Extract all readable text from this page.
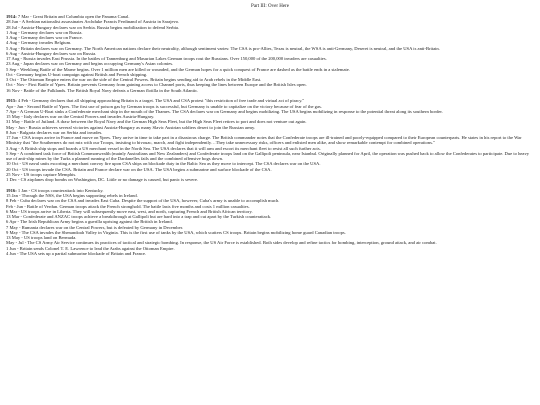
Part III: Over Here
1914: 7 Mar - Great Britain and Columbia open the Panama Canal.
28 Jun - A Serbian nationalist assassinates Archduke Francis Ferdinand of Austria in Sarajevo.
28 Jul - Austria-Hungary declares war on Serbia. Russia begins mobilization to defend Serbia.
1 Aug - Germany declares war on Russia.
3 Aug - Germany declares war on France.
4 Aug - Germany invades Belgium.
5 Aug - Britain declares war on Germany. The North American nations declare their neutrality, although sentiment varies: The CSA is pro-Allies, Texas is neutral, the WSA is anti-Germany, Deseret is neutral, and the USA is anti-Britain.
6 Aug - Austria-Hungary declares war on Russia.
17 Aug - Russia invades East Prussia. In the battles of Tannenburg and Masurian Lakes German troops rout the Russians. Over 150,000 of the 200,000 invaders are casualties.
23 Aug - Japan declares war on Germany and begins occupying Germany's Asian colonies.
5 Sep - Weeklong Battle of the Marne begins. Over 1 million men are killed or wounded, and the German hopes for a quick conquest of France are dashed as the battle ends in a stalemate.
Oct - Germany begins U-boat campaign against British and French shipping.
3 Oct - The Ottoman Empire enters the war on the side of the Central Powers. Britain begins sending aid to Arab rebels in the Middle East.
Oct - Nov - First Battle of Ypres. Britain prevents Germany from gaining access to Channel ports, thus keeping the lines between Europe and the British Isles open.
16 Nov - Battle of the Falklands. The British Royal Navy defeats a German flotilla in the South Atlantic.
1915: 4 Feb - Germany declares that all shipping approaching Britain is a target. The USA and CSA protest "this restriction of free trade and virtual act of piracy."
Apr - Jun - Second Battle of Ypres. The first use of poison gas by German troops is successful, but Germany is unable to capitalize on the victory because of fear of the gas.
7 Apr - A German U-Boat sinks a Confederate merchant ship in the mouth of the Thames. The CSA declares war on Germany and begins mobilizing. The USA begins mobilizing in response to the potential threat along its southern border.
15 May - Italy declares war on the Central Powers and invades Austria-Hungary.
31 May - Battle of Jutland. A draw between the Royal Navy and the German High Seas Fleet, but the High Seas Fleet retires to port and does not venture out again.
May - Jun - Russia achieves several victories against Austria-Hungary as many Slavic Austrian soldiers desert to join the Russian army.
8 Jun - Bulgaria declares war on Serbia and invades.
17 Jun - CSA troops arrive in France and move on Ypres. They arrive in time to take part in a disastrous charge. The British commander notes that the Confederate troops are ill-trained and poorly-equipped compared to their European counterparts. He states in his report to the War Ministry that "the Southerners do not mix with our Troops, insisting to bivouac, march, and fight independently…They take unnecessary risks, officers and enlisted men alike, and show remarkable contempt for combined operations."
3 Aug - A British ship stops and boards a US merchant vessel in the North Sea. The USA declares that it will arm and escort its merchant fleet to resist all such further acts.
5 Sep - A combined task force of British Commonwealth (mainly Australians and New Zealanders) and Confederate troops land on the Gallipoli peninsula, near Istanbul. Originally planned for April, the operation was pushed back to allow the Confederates to participate. Due to heavy use of anti-ship mines by the Turks a planned running of the Dardanelles fails and the combined offensive bogs down.
10 Oct - US naval units escorting a merchant convoy fire upon CSA ships on blockade duty in the Baltic Sea as they move to intercept. The CSA declares war on the USA.
20 Oct - US troops invade the CSA. Britain and France declare war on the USA. The USA begins a submarine and surface blockade of the CSA.
25 Nov - US troops capture Memphis.
1 Dec - CS airplanes drop bombs on Washington, DC. Little or no damage is caused, but panic is severe.
1916: 1 Jan - CS troops counterattack into Kentucky.
15 Jan - Through the NSS, the USA begins supporting rebels in Ireland.
8 Feb - Cuba declares war on the CSA and invades East Cuba. Despite the support of the USA, however, Cuba's army is unable to accomplish much.
Feb - Jun - Battle of Verdun. German troops attack the French stronghold. The battle lasts five months and costs 1 million casualties.
6 Mar - US troops arrive in Liberia. They will subsequently move east, west, and north, capturing French and British African territory.
13 Mar - Confederate and ANZAC troops achieve a breakthrough at Gallipoli but are hard into a trap and cut apart by the Turkish counterattack.
6 Apr - The Irish Republican Army begins a guerilla uprising against the British in Ireland.
7 May - Rumania declares war on the Central Powers, but is defeated by Germany in December.
9 May - The CSA invades the Shenandoah Valley in Virginia. This is the first use of tanks by the USA, which scatters CS troops. Britain begins mobilizing home guard Canadian troops.
13 May - US troops land on Bermuda.
May - Jul - The CS Army Air Service continues its practices of tactical and strategic bombing. In response, the US Air Force is established. Both sides develop and refine tactics for bombing, interception, ground attack, and air combat.
1 Jun - Britain sends Colonel T. E. Lawrence to lead the Arabs against the Ottoman Empire.
4 Jun - The USA sets up a partial submarine blockade of Britain and France.
